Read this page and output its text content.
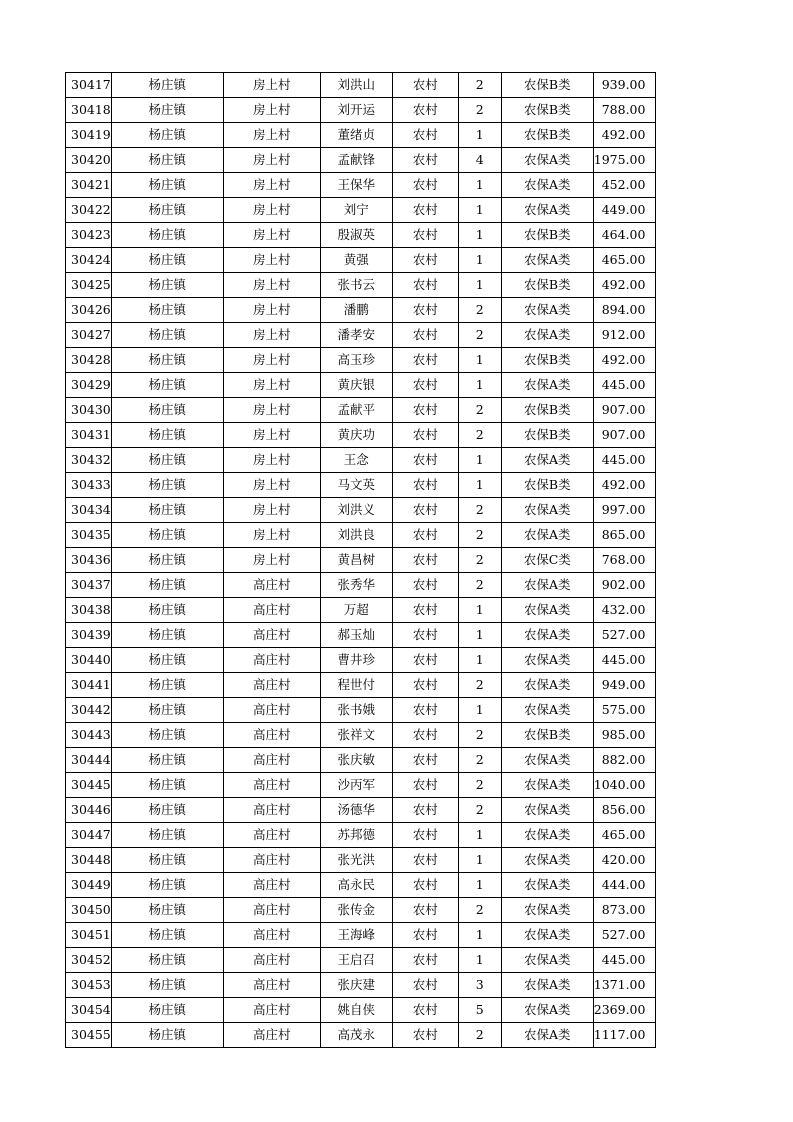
30417	杨庄镇	房上村	刘洪山	农村	2	农保B类	939.00
30418	杨庄镇	房上村	刘开运	农村	2	农保B类	788.00
30419	杨庄镇	房上村	董绪贞	农村	1	农保B类	492.00
30420	杨庄镇	房上村	孟献锋	农村	4	农保A类	1975.00
30421	杨庄镇	房上村	王保华	农村	1	农保A类	452.00
30422	杨庄镇	房上村	刘宁	农村	1	农保A类	449.00
30423	杨庄镇	房上村	殷淑英	农村	1	农保B类	464.00
30424	杨庄镇	房上村	黄强	农村	1	农保A类	465.00
30425	杨庄镇	房上村	张书云	农村	1	农保B类	492.00
30426	杨庄镇	房上村	潘鹏	农村	2	农保A类	894.00
30427	杨庄镇	房上村	潘孝安	农村	2	农保A类	912.00
30428	杨庄镇	房上村	高玉珍	农村	1	农保B类	492.00
30429	杨庄镇	房上村	黄庆银	农村	1	农保A类	445.00
30430	杨庄镇	房上村	孟献平	农村	2	农保B类	907.00
30431	杨庄镇	房上村	黄庆功	农村	2	农保B类	907.00
30432	杨庄镇	房上村	王念	农村	1	农保A类	445.00
30433	杨庄镇	房上村	马文英	农村	1	农保B类	492.00
30434	杨庄镇	房上村	刘洪义	农村	2	农保A类	997.00
30435	杨庄镇	房上村	刘洪良	农村	2	农保A类	865.00
30436	杨庄镇	房上村	黄昌树	农村	2	农保C类	768.00
30437	杨庄镇	高庄村	张秀华	农村	2	农保A类	902.00
30438	杨庄镇	高庄村	万超	农村	1	农保A类	432.00
30439	杨庄镇	高庄村	郝玉灿	农村	1	农保A类	527.00
30440	杨庄镇	高庄村	曹井珍	农村	1	农保A类	445.00
30441	杨庄镇	高庄村	程世付	农村	2	农保A类	949.00
30442	杨庄镇	高庄村	张书娥	农村	1	农保A类	575.00
30443	杨庄镇	高庄村	张祥文	农村	2	农保B类	985.00
30444	杨庄镇	高庄村	张庆敏	农村	2	农保A类	882.00
30445	杨庄镇	高庄村	沙丙军	农村	2	农保A类	1040.00
30446	杨庄镇	高庄村	汤德华	农村	2	农保A类	856.00
30447	杨庄镇	高庄村	苏邦德	农村	1	农保A类	465.00
30448	杨庄镇	高庄村	张光洪	农村	1	农保A类	420.00
30449	杨庄镇	高庄村	高永民	农村	1	农保A类	444.00
30450	杨庄镇	高庄村	张传金	农村	2	农保A类	873.00
30451	杨庄镇	高庄村	王海峰	农村	1	农保A类	527.00
30452	杨庄镇	高庄村	王启召	农村	1	农保A类	445.00
30453	杨庄镇	高庄村	张庆建	农村	3	农保A类	1371.00
30454	杨庄镇	高庄村	姚自侠	农村	5	农保A类	2369.00
30455	杨庄镇	高庄村	高茂永	农村	2	农保A类	1117.00
